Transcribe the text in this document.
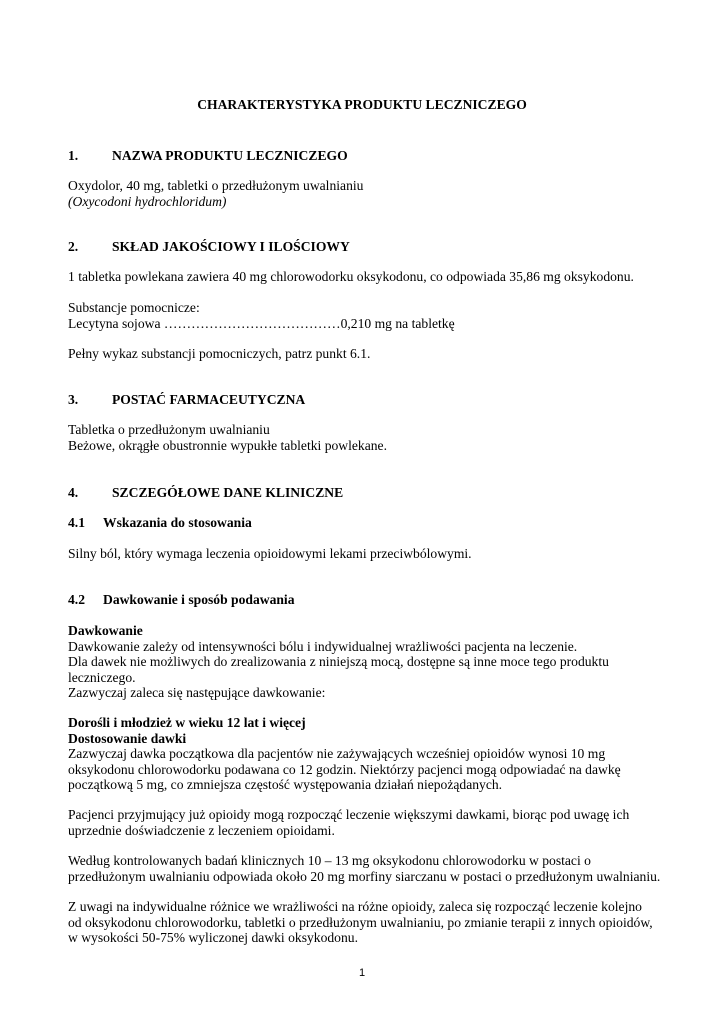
CHARAKTERYSTYKA PRODUKTU LECZNICZEGO
1. NAZWA PRODUKTU LECZNICZEGO
Oxydolor, 40 mg, tabletki o przedłużonym uwalnianiu
(Oxycodoni hydrochloridum)
2. SKŁAD JAKOŚCIOWY I ILOŚCIOWY
1 tabletka powlekana zawiera 40 mg chlorowodorku oksykodonu, co odpowiada 35,86 mg oksykodonu.
Substancje pomocnicze:
Lecytyna sojowa …………………………………0,210 mg na tabletkę
Pełny wykaz substancji pomocniczych, patrz punkt 6.1.
3. POSTAĆ FARMACEUTYCZNA
Tabletka o przedłużonym uwalnianiu
Beżowe, okrągłe obustronnie wypukłe tabletki powlekane.
4. SZCZEGÓŁOWE DANE KLINICZNE
4.1 Wskazania do stosowania
Silny ból, który wymaga leczenia opioidowymi lekami przeciwbólowymi.
4.2 Dawkowanie i sposób podawania
Dawkowanie
Dawkowanie zależy od intensywności bólu i indywidualnej wrażliwości pacjenta na leczenie.
Dla dawek nie możliwych do zrealizowania z niniejszą mocą, dostępne są inne moce tego produktu
leczniczego.
Zazwyczaj zaleca się następujące dawkowanie:
Dorośli i młodzież w wieku 12 lat i więcej
Dostosowanie dawki
Zazwyczaj dawka początkowa dla pacjentów nie zażywających wcześniej opioidów wynosi 10 mg
oksykodonu chlorowodorku podawana co 12 godzin. Niektórzy pacjenci mogą odpowiadać na dawkę
początkową 5 mg, co zmniejsza częstość występowania działań niepożądanych.
Pacjenci przyjmujący już opioidy mogą rozpocząć leczenie większymi dawkami, biorąc pod uwagę ich
uprzednie doświadczenie z leczeniem opioidami.
Według kontrolowanych badań klinicznych 10 – 13 mg oksykodonu chlorowodorku w postaci o
przedłużonym uwalnianiu odpowiada około 20 mg morfiny siarczanu w postaci o przedłużonym uwalnianiu.
Z uwagi na indywidualne różnice we wrażliwości na różne opioidy, zaleca się rozpocząć leczenie kolejno
od oksykodonu chlorowodorku, tabletki o przedłużonym uwalnianiu, po zmianie terapii z innych opioidów,
w wysokości 50-75% wyliczonej dawki oksykodonu.
1
